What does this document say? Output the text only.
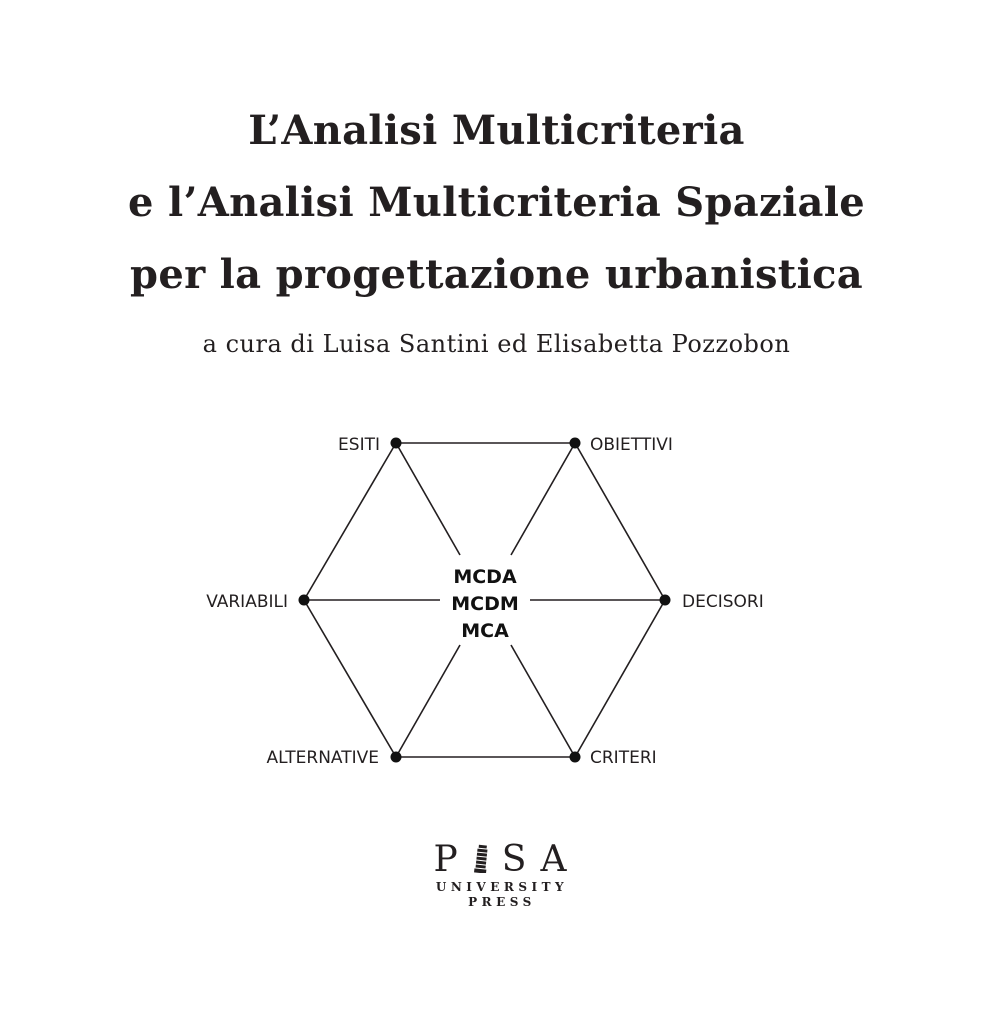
L’Analisi Multicriteria
e l’Analisi Multicriteria Spaziale
per la progettazione urbanistica
a cura di Luisa Santini ed Elisabetta Pozzobon
ESITI	OBIETTIVI
DECISORI
CRITERI
ALTERNATIVE
VARIABILI
MCDA
MCDM
MCA
P SA
UNIVERSITY
PRESS
